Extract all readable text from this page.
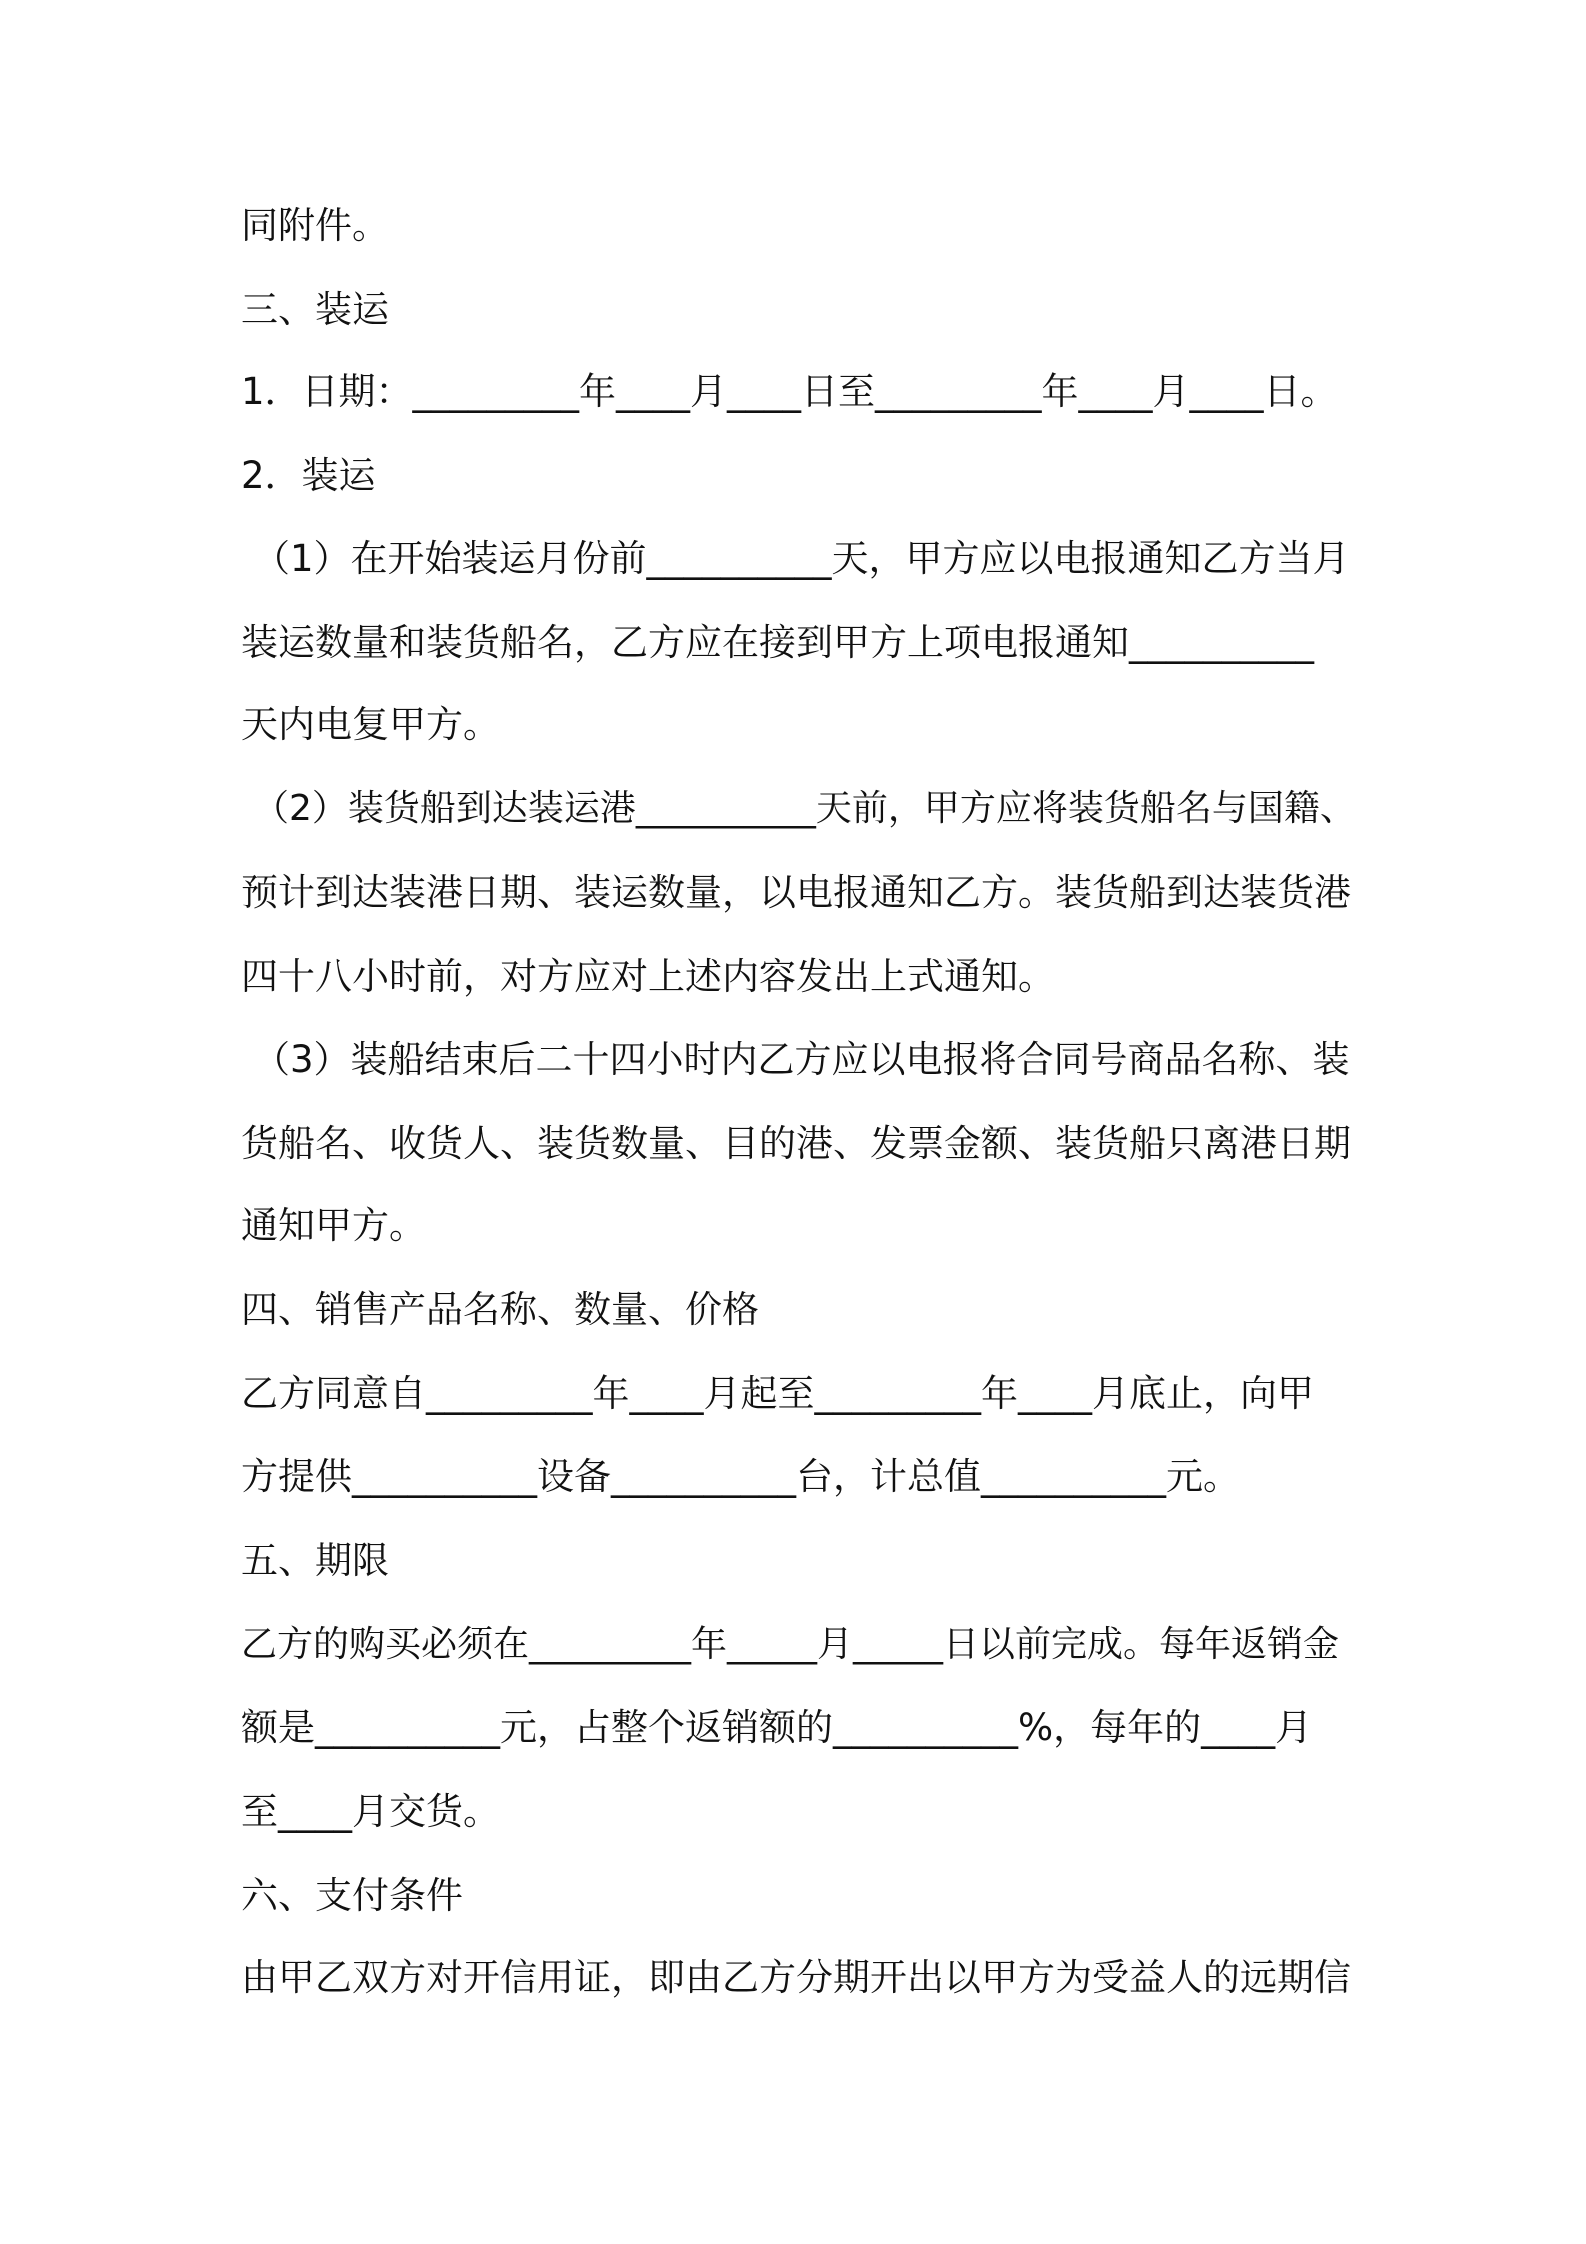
同附件。
三、装运
1．日期：_________年____月____日至_________年____月____日。
2．装运
（1）在开始装运月份前__________天，甲方应以电报通知乙方当月
装运数量和装货船名，乙方应在接到甲方上项电报通知__________
天内电复甲方。
（2）装货船到达装运港__________天前，甲方应将装货船名与国籍、
预计到达装港日期、装运数量，以电报通知乙方。装货船到达装货港
四十八小时前，对方应对上述内容发出上式通知。
（3）装船结束后二十四小时内乙方应以电报将合同号商品名称、装
货船名、收货人、装货数量、目的港、发票金额、装货船只离港日期
通知甲方。
四、销售产品名称、数量、价格
乙方同意自_________年____月起至_________年____月底止，向甲
方提供__________设备__________台，计总值__________元。
五、期限
乙方的购买必须在_________年_____月_____日以前完成。每年返销金
额是__________元，占整个返销额的__________%，每年的____月
至____月交货。
六、支付条件
由甲乙双方对开信用证，即由乙方分期开出以甲方为受益人的远期信
